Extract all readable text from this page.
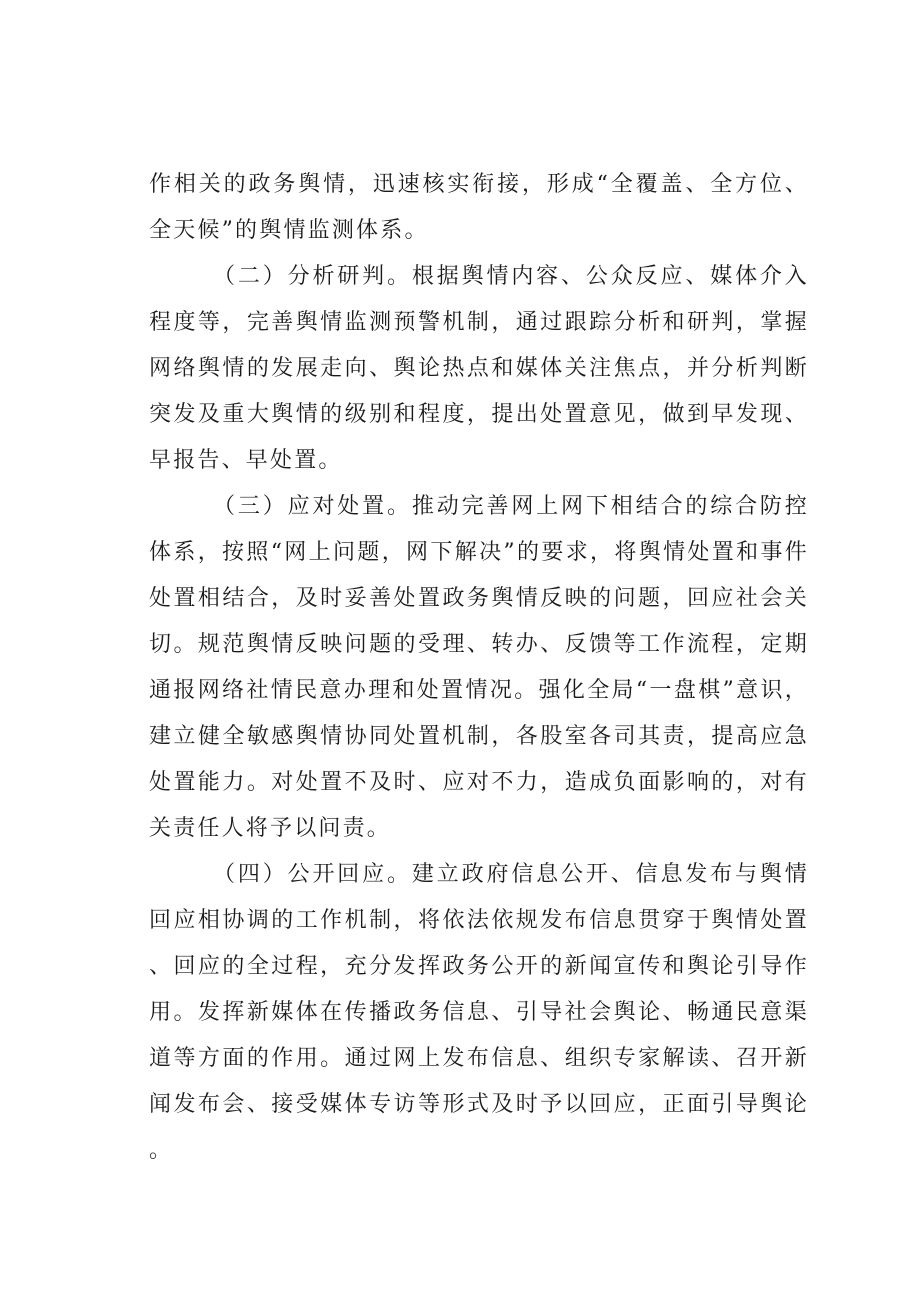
作相关的政务舆情，迅速核实衔接，形成“全覆盖、全方位、全天候”的舆情监测体系。

（二）分析研判。根据舆情内容、公众反应、媒体介入程度等，完善舆情监测预警机制，通过跟踪分析和研判，掌握网络舆情的发展走向、舆论热点和媒体关注焦点，并分析判断突发及重大舆情的级别和程度，提出处置意见，做到早发现、早报告、早处置。

（三）应对处置。推动完善网上网下相结合的综合防控体系，按照“网上问题，网下解决”的要求，将舆情处置和事件处置相结合，及时妥善处置政务舆情反映的问题，回应社会关切。规范舆情反映问题的受理、转办、反馈等工作流程，定期通报网络社情民意办理和处置情况。强化全局“一盘棋”意识，建立健全敏感舆情协同处置机制，各股室各司其责，提高应急处置能力。对处置不及时、应对不力，造成负面影响的，对有关责任人将予以问责。

（四）公开回应。建立政府信息公开、信息发布与舆情回应相协调的工作机制，将依法依规发布信息贯穿于舆情处置、回应的全过程，充分发挥政务公开的新闻宣传和舆论引导作用。发挥新媒体在传播政务信息、引导社会舆论、畅通民意渠道等方面的作用。通过网上发布信息、组织专家解读、召开新闻发布会、接受媒体专访等形式及时予以回应，正面引导舆论。
